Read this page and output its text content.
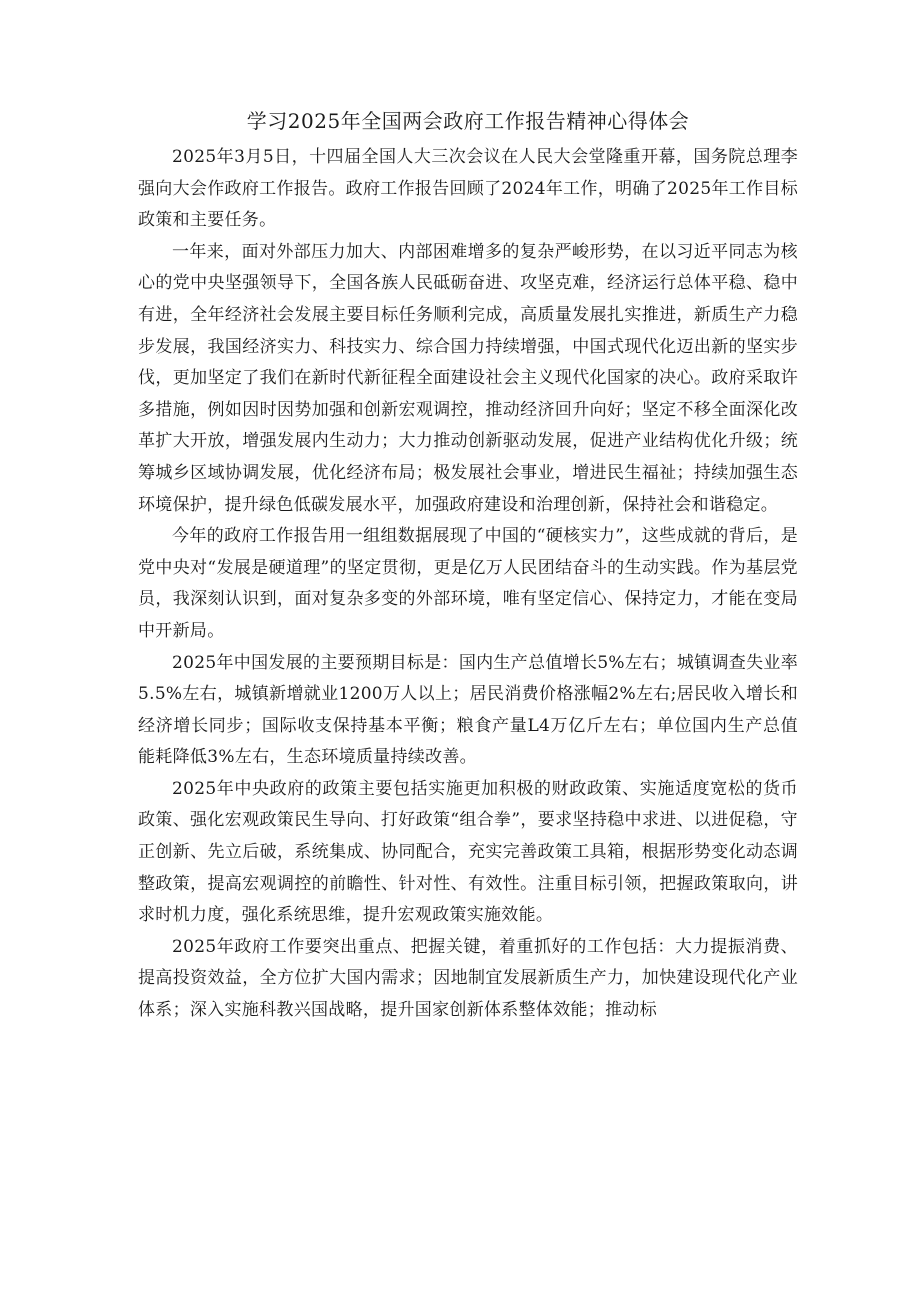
学习2025年全国两会政府工作报告精神心得体会

2025年3月5日，十四届全国人大三次会议在人民大会堂隆重开幕，国务院总理李强向大会作政府工作报告。政府工作报告回顾了2024年工作，明确了2025年工作目标政策和主要任务。

一年来，面对外部压力加大、内部困难增多的复杂严峻形势，在以习近平同志为核心的党中央坚强领导下，全国各族人民砥砺奋进、攻坚克难，经济运行总体平稳、稳中有进，全年经济社会发展主要目标任务顺利完成，高质量发展扎实推进，新质生产力稳步发展，我国经济实力、科技实力、综合国力持续增强，中国式现代化迈出新的坚实步伐，更加坚定了我们在新时代新征程全面建设社会主义现代化国家的决心。政府采取许多措施，例如因时因势加强和创新宏观调控，推动经济回升向好；坚定不移全面深化改革扩大开放，增强发展内生动力；大力推动创新驱动发展，促进产业结构优化升级；统筹城乡区域协调发展，优化经济布局；极发展社会事业，增进民生福祉；持续加强生态环境保护，提升绿色低碳发展水平，加强政府建设和治理创新，保持社会和谐稳定。

今年的政府工作报告用一组组数据展现了中国的“硬核实力”，这些成就的背后，是党中央对“发展是硬道理”的坚定贯彻，更是亿万人民团结奋斗的生动实践。作为基层党员，我深刻认识到，面对复杂多变的外部环境，唯有坚定信心、保持定力，才能在变局中开新局。

2025年中国发展的主要预期目标是：国内生产总值增长5%左右；城镇调查失业率5.5%左右，城镇新增就业1200万人以上；居民消费价格涨幅2%左右;居民收入增长和经济增长同步；国际收支保持基本平衡；粮食产量L4万亿斤左右；单位国内生产总值能耗降低3%左右，生态环境质量持续改善。

2025年中央政府的政策主要包括实施更加积极的财政政策、实施适度宽松的货币政策、强化宏观政策民生导向、打好政策“组合拳”，要求坚持稳中求进、以进促稳，守正创新、先立后破，系统集成、协同配合，充实完善政策工具箱，根据形势变化动态调整政策，提高宏观调控的前瞻性、针对性、有效性。注重目标引领，把握政策取向，讲求时机力度，强化系统思维，提升宏观政策实施效能。

2025年政府工作要突出重点、把握关键，着重抓好的工作包括：大力提振消费、提高投资效益，全方位扩大国内需求；因地制宜发展新质生产力，加快建设现代化产业体系；深入实施科教兴国战略，提升国家创新体系整体效能；推动标
